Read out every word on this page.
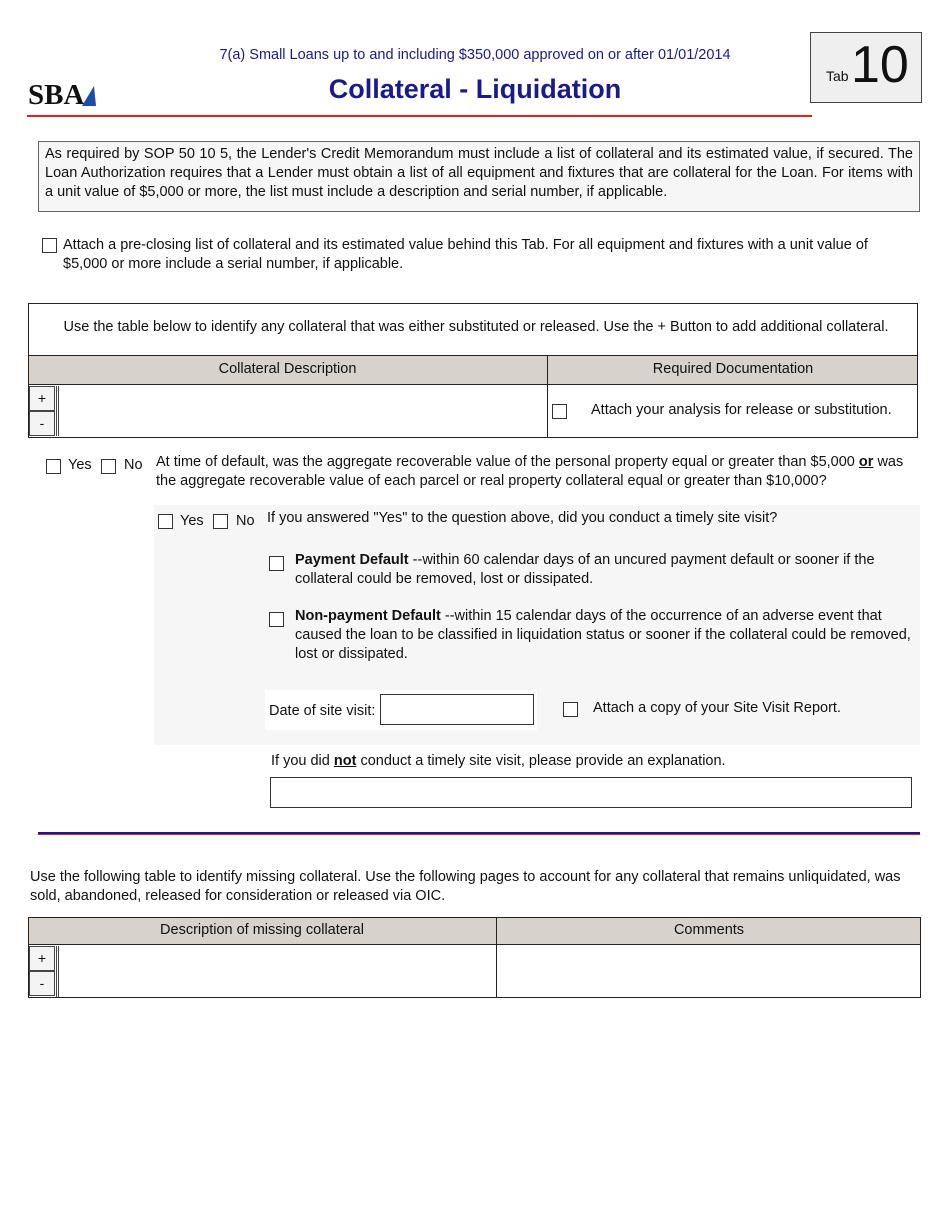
SBA
7(a) Small Loans up to and including $350,000 approved on or after 01/01/2014
Collateral - Liquidation	Tab 10
As required by SOP 50 10 5, the Lender's Credit Memorandum must include a list of collateral and its estimated value, if secured. The Loan Authorization requires that a Lender must obtain a list of all equipment and fixtures that are collateral for the Loan. For items with a unit value of $5,000 or more, the list must include a description and serial number, if applicable.
Attach a pre-closing list of collateral and its estimated value behind this Tab. For all equipment and fixtures with a unit value of $5,000 or more include a serial number, if applicable.
Use the table below to identify any collateral that was either substituted or released. Use the + Button to add additional collateral.
Collateral Description	Required Documentation
+
-
Attach your analysis for release or substitution.
Yes No At time of default, was the aggregate recoverable value of the personal property equal or greater than $5,000 or was the aggregate recoverable value of each parcel or real property collateral equal or greater than $10,000?
Yes No If you answered "Yes" to the question above, did you conduct a timely site visit?
Payment Default --within 60 calendar days of an uncured payment default or sooner if the collateral could be removed, lost or dissipated.
Non-payment Default --within 15 calendar days of the occurrence of an adverse event that caused the loan to be classified in liquidation status or sooner if the collateral could be removed, lost or dissipated.
Date of site visit:	Attach a copy of your Site Visit Report.
If you did not conduct a timely site visit, please provide an explanation.
Use the following table to identify missing collateral. Use the following pages to account for any collateral that remains unliquidated, was sold, abandoned, released for consideration or released via OIC.
Description of missing collateral	Comments
+
-
